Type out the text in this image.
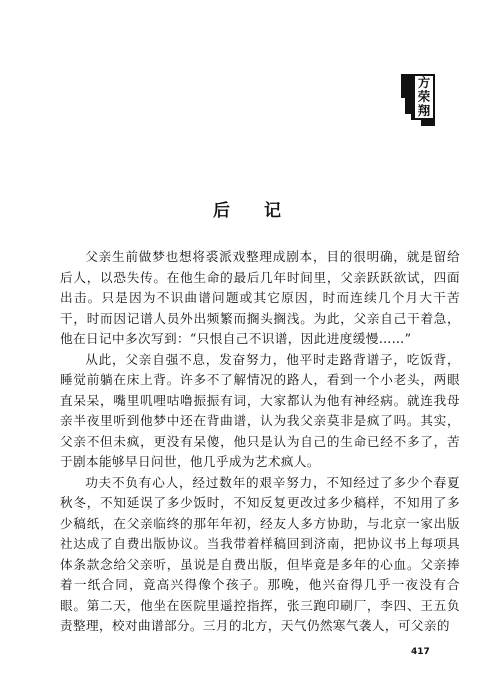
方荣翔
后记

父亲生前做梦也想将裘派戏整理成剧本，目的很明确，就是留给后人，以恐失传。在他生命的最后几年时间里，父亲跃跃欲试，四面出击。只是因为不识曲谱问题或其它原因，时而连续几个月大干苦干，时而因记谱人员外出频繁而搁头搁浅。为此，父亲自己干着急，他在日记中多次写到：“只恨自己不识谱，因此进度缓慢……”

从此，父亲自强不息，发奋努力，他平时走路背谱子，吃饭背，睡觉前躺在床上背。许多不了解情况的路人，看到一个小老头，两眼直呆呆，嘴里叽哩咕噜振振有词，大家都认为他有神经病。就连我母亲半夜里听到他梦中还在背曲谱，认为我父亲莫非是疯了吗。其实，父亲不但未疯，更没有呆傻，他只是认为自己的生命已经不多了，苦于剧本能够早日问世，他几乎成为艺术疯人。

功夫不负有心人，经过数年的艰辛努力，不知经过了多少个春夏秋冬，不知延误了多少饭时，不知反复更改过多少稿样，不知用了多少稿纸，在父亲临终的那年年初，经友人多方协助，与北京一家出版社达成了自费出版协议。当我带着样稿回到济南，把协议书上每项具体条款念给父亲听，虽说是自费出版，但毕竟是多年的心血。父亲捧着一纸合同，竟高兴得像个孩子。那晚，他兴奋得几乎一夜没有合眼。第二天，他坐在医院里遥控指挥，张三跑印刷厂，李四、王五负责整理，校对曲谱部分。三月的北方，天气仍然寒气袭人，可父亲的

417
